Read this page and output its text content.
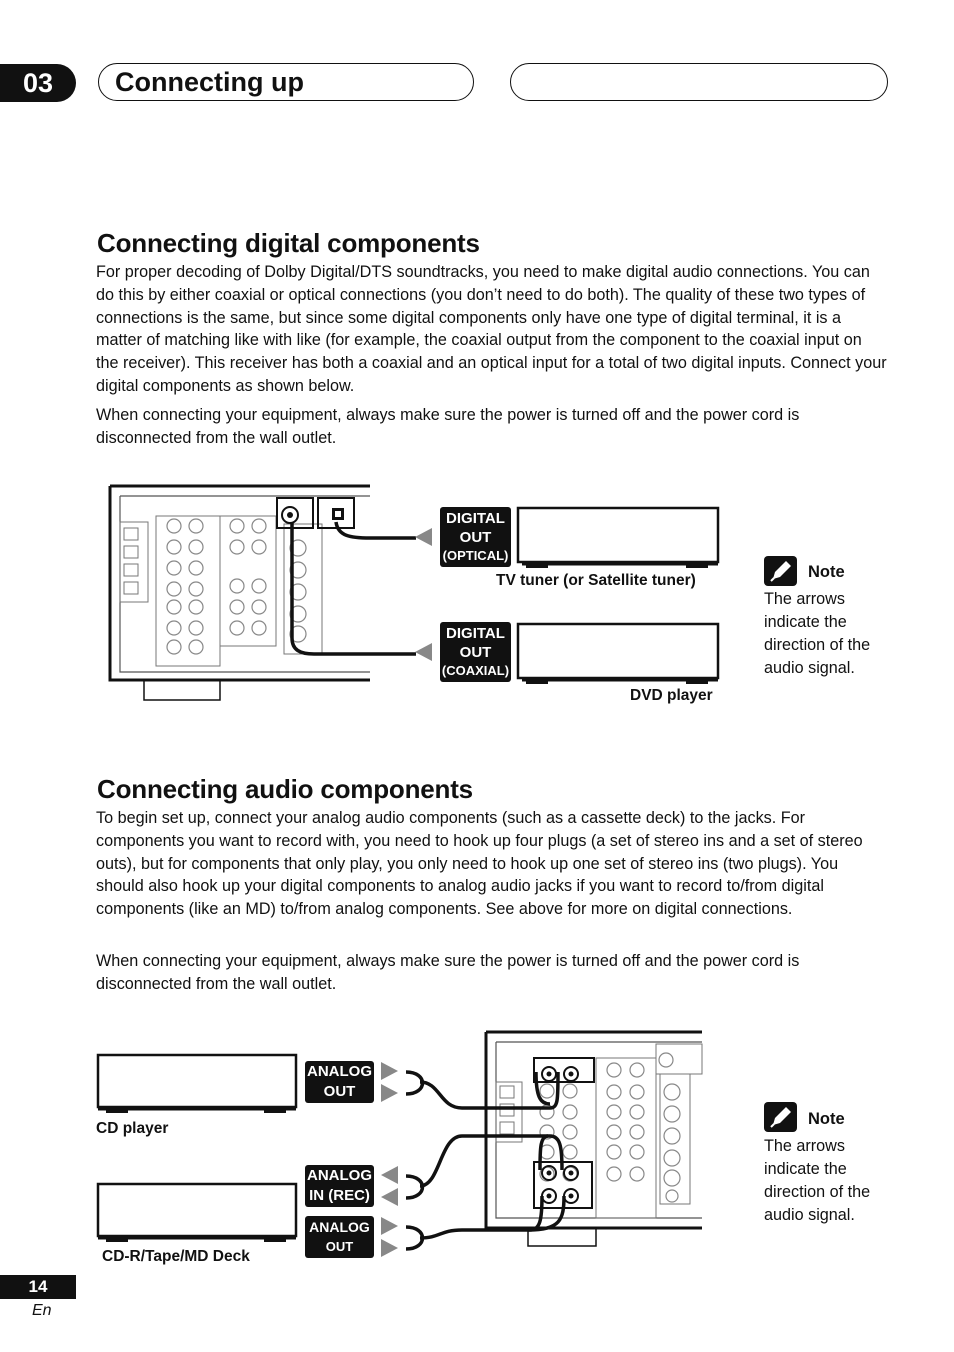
03	Connecting up
Connecting digital components

For proper decoding of Dolby Digital/DTS soundtracks, you need to make digital audio connections. You can do this by either coaxial or optical connections (you don’t need to do both). The quality of these two types of connections is the same, but since some digital components only have one type of digital terminal, it is a matter of matching like with like (for example, the coaxial output from the component to the coaxial input on the receiver). This receiver has both a coaxial and an optical input for a total of two digital inputs. Connect your digital components as shown below.

When connecting your equipment, always make sure the power is turned off and the power cord is disconnected from the wall outlet.

DIGITAL
OUT
(OPTICAL)
DIGITAL
OUT
(COAXIAL)
TV tuner (or Satellite tuner)
DVD player
Note
The arrows indicate the direction of the audio signal.
Connecting audio components

To begin set up, connect your analog audio components (such as a cassette deck) to the jacks. For components you want to record with, you need to hook up four plugs (a set of stereo ins and a set of stereo outs), but for components that only play, you only need to hook up one set of stereo ins (two plugs). You should also hook up your digital components to analog audio jacks if you want to record to/from digital components (like an MD) to/from analog components. See above for more on digital connections.

When connecting your equipment, always make sure the power is turned off and the power cord is disconnected from the wall outlet.

CD player
CD-R/Tape/MD Deck
ANALOG
OUT
ANALOG
IN (REC)
ANALOG
OUT (PLAY)
Note
The arrows indicate the direction of the audio signal.
14
En
